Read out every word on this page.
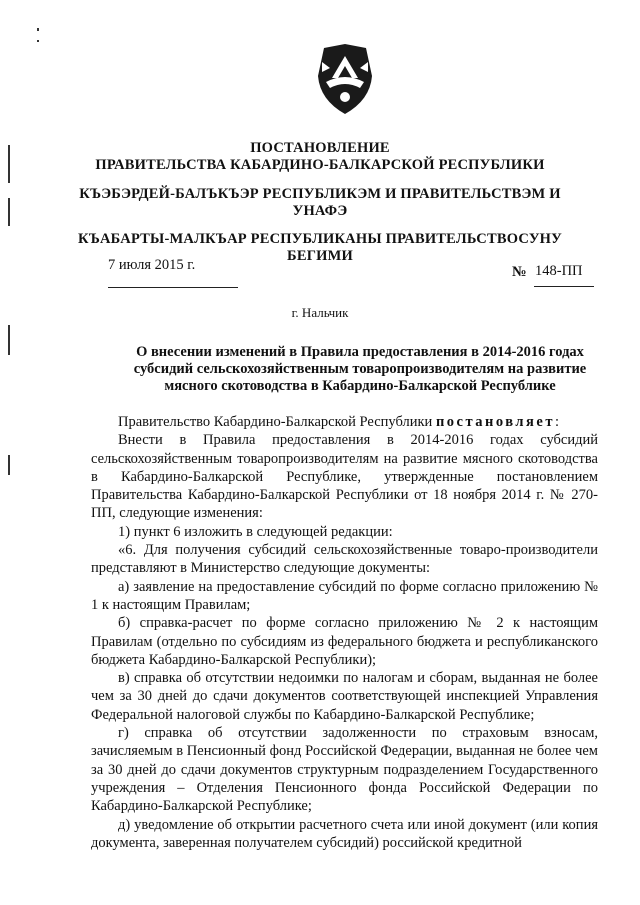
ПОСТАНОВЛЕНИЕ
ПРАВИТЕЛЬСТВА КАБАРДИНО-БАЛКАРСКОЙ РЕСПУБЛИКИ
КЪЭБЭРДЕЙ-БАЛЪКЪЭР РЕСПУБЛИКЭМ И ПРАВИТЕЛЬСТВЭМ И
УНАФЭ
КЪАБАРТЫ-МАЛКЪАР РЕСПУБЛИКАНЫ ПРАВИТЕЛЬСТВОСУНУ
БЕГИМИ
7 июля 2015 г.	№ 148-ПП
г. Нальчик
О внесении изменений в Правила предоставления в 2014-2016 годах
субсидий сельскохозяйственным товаропроизводителям на развитие
мясного скотоводства в Кабардино-Балкарской Республике

Правительство Кабардино-Балкарской Республики постановляет:

Внести в Правила предоставления в 2014-2016 годах субсидий сельскохозяйственным товаропроизводителям на развитие мясного скотоводства в Кабардино-Балкарской Республике, утвержденные постановлением Правительства Кабардино-Балкарской Республики от 18 ноября 2014 г. № 270-ПП, следующие изменения:

1) пункт 6 изложить в следующей редакции:

«6. Для получения субсидий сельскохозяйственные товаро-производители представляют в Министерство следующие документы:

а) заявление на предоставление субсидий по форме согласно приложению № 1 к настоящим Правилам;

б) справка-расчет по форме согласно приложению № 2 к настоящим Правилам (отдельно по субсидиям из федерального бюджета и республиканского бюджета Кабардино-Балкарской Республики);

в) справка об отсутствии недоимки по налогам и сборам, выданная не более чем за 30 дней до сдачи документов соответствующей инспекцией Управления Федеральной налоговой службы по Кабардино-Балкарской Республике;

г) справка об отсутствии задолженности по страховым взносам, зачисляемым в Пенсионный фонд Российской Федерации, выданная не более чем за 30 дней до сдачи документов структурным подразделением Государственного учреждения – Отделения Пенсионного фонда Российской Федерации по Кабардино-Балкарской Республике;

д) уведомление об открытии расчетного счета или иной документ (или копия документа, заверенная получателем субсидий) российской кредитной
